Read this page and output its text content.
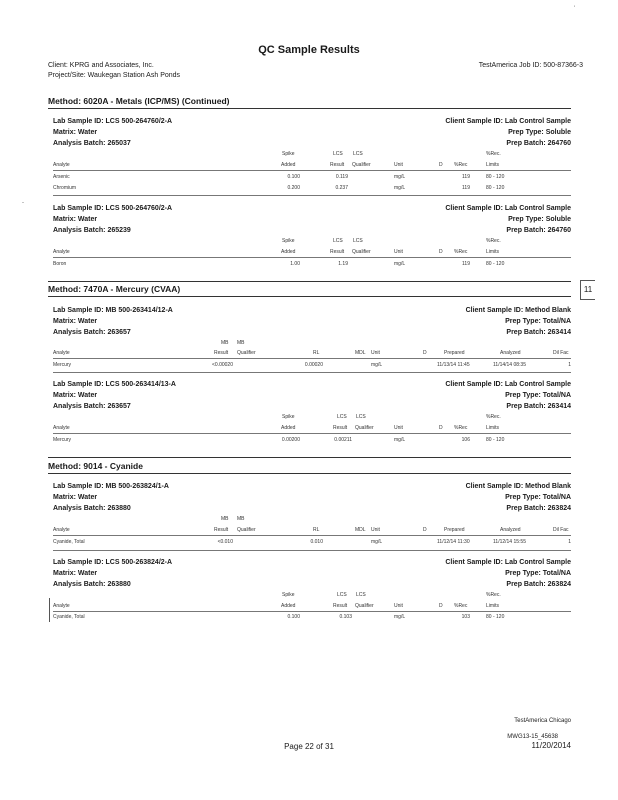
QC Sample Results
Client: KPRG and Associates, Inc.
Project/Site: Waukegan Station Ash Ponds
TestAmerica Job ID: 500-87366-3
Method: 6020A - Metals (ICP/MS) (Continued)
Lab Sample ID: LCS 500-264760/2-A	Client Sample ID: Lab Control Sample
Matrix: Water	Prep Type: Soluble
Analysis Batch: 265037	Prep Batch: 264760
Spike	LCS LCS	%Rec.
Analyte	Added	Result Qualifier	Unit	D %Rec	Limits
Arsenic	0.100	0.119	mg/L	119	80 - 120
Chromium	0.200	0.237	mg/L	119	80 - 120
Lab Sample ID: LCS 500-264760/2-A	Client Sample ID: Lab Control Sample
Matrix: Water	Prep Type: Soluble
Analysis Batch: 265239	Prep Batch: 264760
Spike	LCS LCS	%Rec.
Analyte	Added	Result Qualifier	Unit	D %Rec	Limits
Boron	1.00	1.19	mg/L	119	80 - 120
Method: 7470A - Mercury (CVAA)
Lab Sample ID: MB 500-263414/12-A	Client Sample ID: Method Blank
Matrix: Water	Prep Type: Total/NA
Analysis Batch: 263657	Prep Batch: 263414
MB MB
Analyte	Result Qualifier	RL	MDL Unit	D	Prepared	Analyzed	Dil Fac
Mercury	<0.00020	0.00020	mg/L	11/13/14 11:45	11/14/14 08:35	1
Lab Sample ID: LCS 500-263414/13-A	Client Sample ID: Lab Control Sample
Matrix: Water	Prep Type: Total/NA
Analysis Batch: 263657	Prep Batch: 263414
Spike	LCS LCS	%Rec.
Analyte	Added	Result Qualifier	Unit	D %Rec	Limits
Mercury	0.00200	0.00211	mg/L	106	80 - 120
Method: 9014 - Cyanide
Lab Sample ID: MB 500-263824/1-A	Client Sample ID: Method Blank
Matrix: Water	Prep Type: Total/NA
Analysis Batch: 263880	Prep Batch: 263824
MB MB
Analyte	Result Qualifier	RL	MDL Unit	D	Prepared	Analyzed	Dil Fac
Cyanide, Total	<0.010	0.010	mg/L	11/12/14 11:30	11/12/14 15:55	1
Lab Sample ID: LCS 500-263824/2-A	Client Sample ID: Lab Control Sample
Matrix: Water	Prep Type: Total/NA
Analysis Batch: 263880	Prep Batch: 263824
Spike	LCS LCS	%Rec.
Analyte	Added	Result Qualifier	Unit	D %Rec	Limits
Cyanide, Total	0.100	0.103	mg/L	103	80 - 120
'
-
11
TestAmerica Chicago
MWG13-15_45638
Page 22 of 31	11/20/2014
